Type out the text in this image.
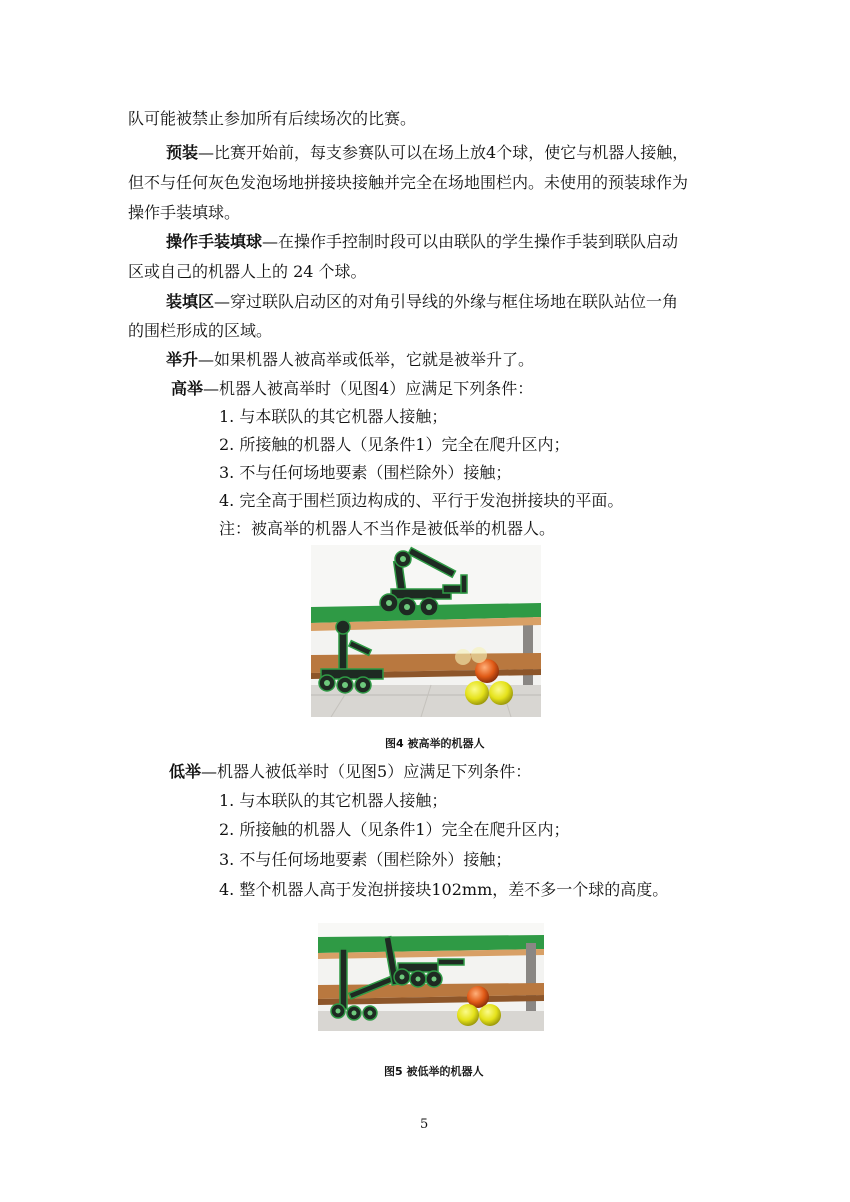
队可能被禁止参加所有后续场次的比赛。
预装—比赛开始前，每支参赛队可以在场上放4个球，使它与机器人接触，
但不与任何灰色发泡场地拼接块接触并完全在场地围栏内。未使用的预装球作为
操作手装填球。
操作手装填球—在操作手控制时段可以由联队的学生操作手装到联队启动
区或自己的机器人上的 24 个球。
装填区—穿过联队启动区的对角引导线的外缘与框住场地在联队站位一角
的围栏形成的区域。
举升—如果机器人被高举或低举，它就是被举升了。
高举—机器人被高举时（见图4）应满足下列条件：
1. 与本联队的其它机器人接触；
2. 所接触的机器人（见条件1）完全在爬升区内；
3. 不与任何场地要素（围栏除外）接触；
4. 完全高于围栏顶边构成的、平行于发泡拼接块的平面。
注：被高举的机器人不当作是被低举的机器人。
图4 被高举的机器人
低举—机器人被低举时（见图5）应满足下列条件：
1. 与本联队的其它机器人接触；
2. 所接触的机器人（见条件1）完全在爬升区内；
3. 不与任何场地要素（围栏除外）接触；
4. 整个机器人高于发泡拼接块102mm，差不多一个球的高度。
图5 被低举的机器人
5
